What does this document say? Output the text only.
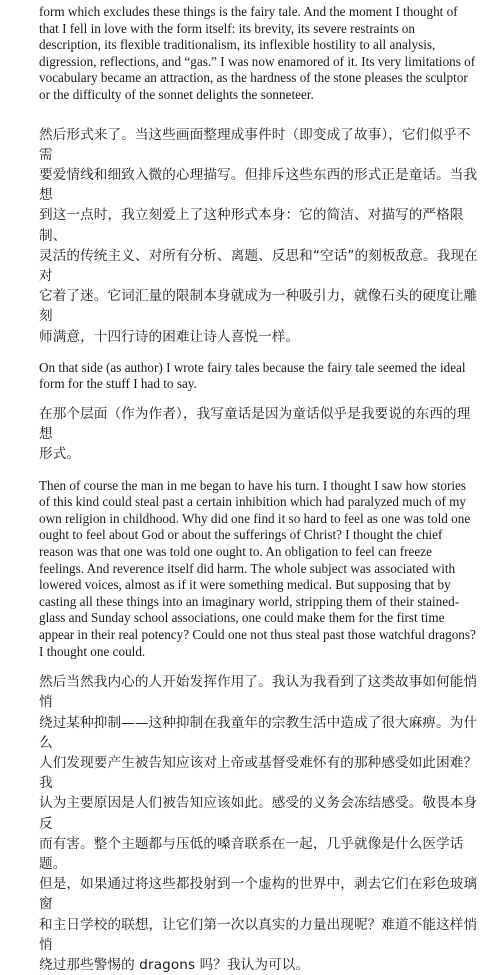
form which excludes these things is the fairy tale. And the moment I thought of
that I fell in love with the form itself: its brevity, its severe restraints on
description, its flexible traditionalism, its inflexible hostility to all analysis,
digression, reflections, and “gas.” I was now enamored of it. Its very limitations of
vocabulary became an attraction, as the hardness of the stone pleases the sculptor
or the difficulty of the sonnet delights the sonneteer.

然后形式来了。当这些画面整理成事件时（即变成了故事），它们似乎不需
要爱情线和细致入微的心理描写。但排斥这些东西的形式正是童话。当我想
到这一点时，我立刻爱上了这种形式本身：它的简洁、对描写的严格限制、
灵活的传统主义、对所有分析、离题、反思和“空话”的刻板敌意。我现在对
它着了迷。它词汇量的限制本身就成为一种吸引力，就像石头的硬度让雕刻
师满意，十四行诗的困难让诗人喜悦一样。

On that side (as author) I wrote fairy tales because the fairy tale seemed the ideal
form for the stuff I had to say.

在那个层面（作为作者），我写童话是因为童话似乎是我要说的东西的理想
形式。

Then of course the man in me began to have his turn. I thought I saw how stories
of this kind could steal past a certain inhibition which had paralyzed much of my
own religion in childhood. Why did one find it so hard to feel as one was told one
ought to feel about God or about the sufferings of Christ? I thought the chief
reason was that one was told one ought to. An obligation to feel can freeze
feelings. And reverence itself did harm. The whole subject was associated with
lowered voices, almost as if it were something medical. But supposing that by
casting all these things into an imaginary world, stripping them of their stained-
glass and Sunday school associations, one could make them for the first time
appear in their real potency? Could one not thus steal past those watchful dragons?
I thought one could.

然后当然我内心的人开始发挥作用了。我认为我看到了这类故事如何能悄悄
绕过某种抑制——这种抑制在我童年的宗教生活中造成了很大麻痹。为什么
人们发现要产生被告知应该对上帝或基督受难怀有的那种感受如此困难？我
认为主要原因是人们被告知应该如此。感受的义务会冻结感受。敬畏本身反
而有害。整个主题都与压低的嗓音联系在一起，几乎就像是什么医学话题。
但是，如果通过将这些都投射到一个虚构的世界中，剥去它们在彩色玻璃窗
和主日学校的联想，让它们第一次以真实的力量出现呢？难道不能这样悄悄
绕过那些警惕的 dragons 吗？我认为可以。
